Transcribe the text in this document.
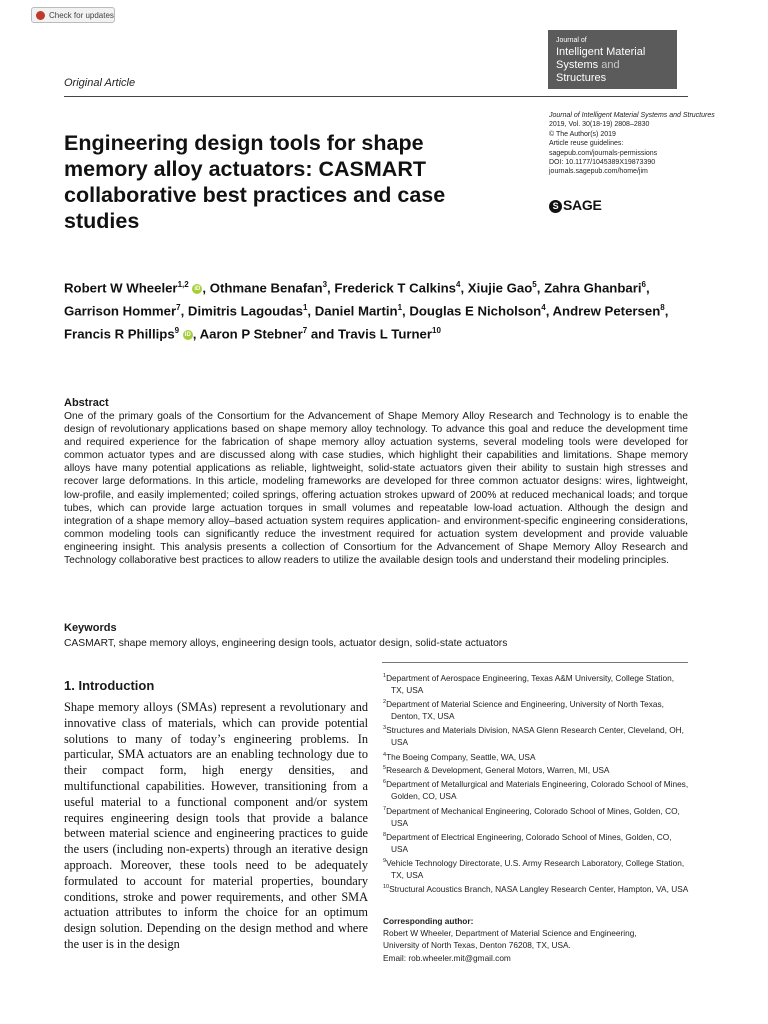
Check for updates
Journal of
Intelligent Material
Systems and Structures
Journal of Intelligent Material Systems and Structures
2019, Vol. 30(18-19) 2808–2830
© The Author(s) 2019
Article reuse guidelines:
sagepub.com/journals-permissions
DOI: 10.1177/1045389X19873390
journals.sagepub.com/home/jim
S SAGE
Original Article
Engineering design tools for shape memory alloy actuators: CASMART collaborative best practices and case studies
Robert W Wheeler$^{1,2}$ iD , Othmane Benafan$^3$, Frederick T Calkins$^4$, Xiujie Gao$^5$, Zahra Ghanbari$^6$, Garrison Hommer$^7$, Dimitris Lagoudas$^1$, Daniel Martin$^1$, Douglas E Nicholson$^4$, Andrew Petersen$^8$, Francis R Phillips$^9$ iD , Aaron P Stebner$^7$ and Travis L Turner$^{10}$
Abstract
One of the primary goals of the Consortium for the Advancement of Shape Memory Alloy Research and Technology is to enable the design of revolutionary applications based on shape memory alloy technology. To advance this goal and reduce the development time and required experience for the fabrication of shape memory alloy actuation systems, several modeling tools were developed for common actuator types and are discussed along with case studies, which highlight their capabilities and limitations. Shape memory alloys have many potential applications as reliable, lightweight, solid-state actuators given their ability to sustain high stresses and recover large deformations. In this article, modeling frameworks are developed for three common actuator designs: wires, lightweight, low-profile, and easily implemented; coiled springs, offering actuation strokes upward of 200% at reduced mechanical loads; and torque tubes, which can provide large actuation torques in small volumes and repeatable low-load actuation. Although the design and integration of a shape memory alloy–based actuation system requires application- and environment-specific engineering considerations, common modeling tools can significantly reduce the investment required for actuation system development and provide valuable engineering insight. This analysis presents a collection of Consortium for the Advancement of Shape Memory Alloy Research and Technology collaborative best practices to allow readers to utilize the available design tools and understand their modeling principles.
Keywords
CASMART, shape memory alloys, engineering design tools, actuator design, solid-state actuators
1. Introduction
Shape memory alloys (SMAs) represent a revolutionary and innovative class of materials, which can provide potential solutions to many of today’s engineering problems. In particular, SMA actuators are an enabling technology due to their compact form, high energy densities, and multifunctional capabilities. However, transitioning from a useful material to a functional component and/or system requires engineering design tools that provide a balance between material science and engineering practices to guide the users (including non-experts) through an iterative design approach. Moreover, these tools need to be adequately formulated to account for material properties, boundary conditions, stroke and power requirements, and other SMA actuation attributes to inform the choice for an optimum design solution. Depending on the design method and where the user is in the design
$^1$Department of Aerospace Engineering, Texas A&M University, College Station, TX, USA
$^2$Department of Material Science and Engineering, University of North Texas, Denton, TX, USA
$^3$Structures and Materials Division, NASA Glenn Research Center, Cleveland, OH, USA
$^4$The Boeing Company, Seattle, WA, USA
$^5$Research & Development, General Motors, Warren, MI, USA
$^6$Department of Metallurgical and Materials Engineering, Colorado School of Mines, Golden, CO, USA
$^7$Department of Mechanical Engineering, Colorado School of Mines, Golden, CO, USA
$^8$Department of Electrical Engineering, Colorado School of Mines, Golden, CO, USA
$^9$Vehicle Technology Directorate, U.S. Army Research Laboratory, College Station, TX, USA
$^{10}$Structural Acoustics Branch, NASA Langley Research Center, Hampton, VA, USA
Corresponding author:
Robert W Wheeler, Department of Material Science and Engineering,
University of North Texas, Denton 76208, TX, USA.
Email: rob.wheeler.mit@gmail.com
